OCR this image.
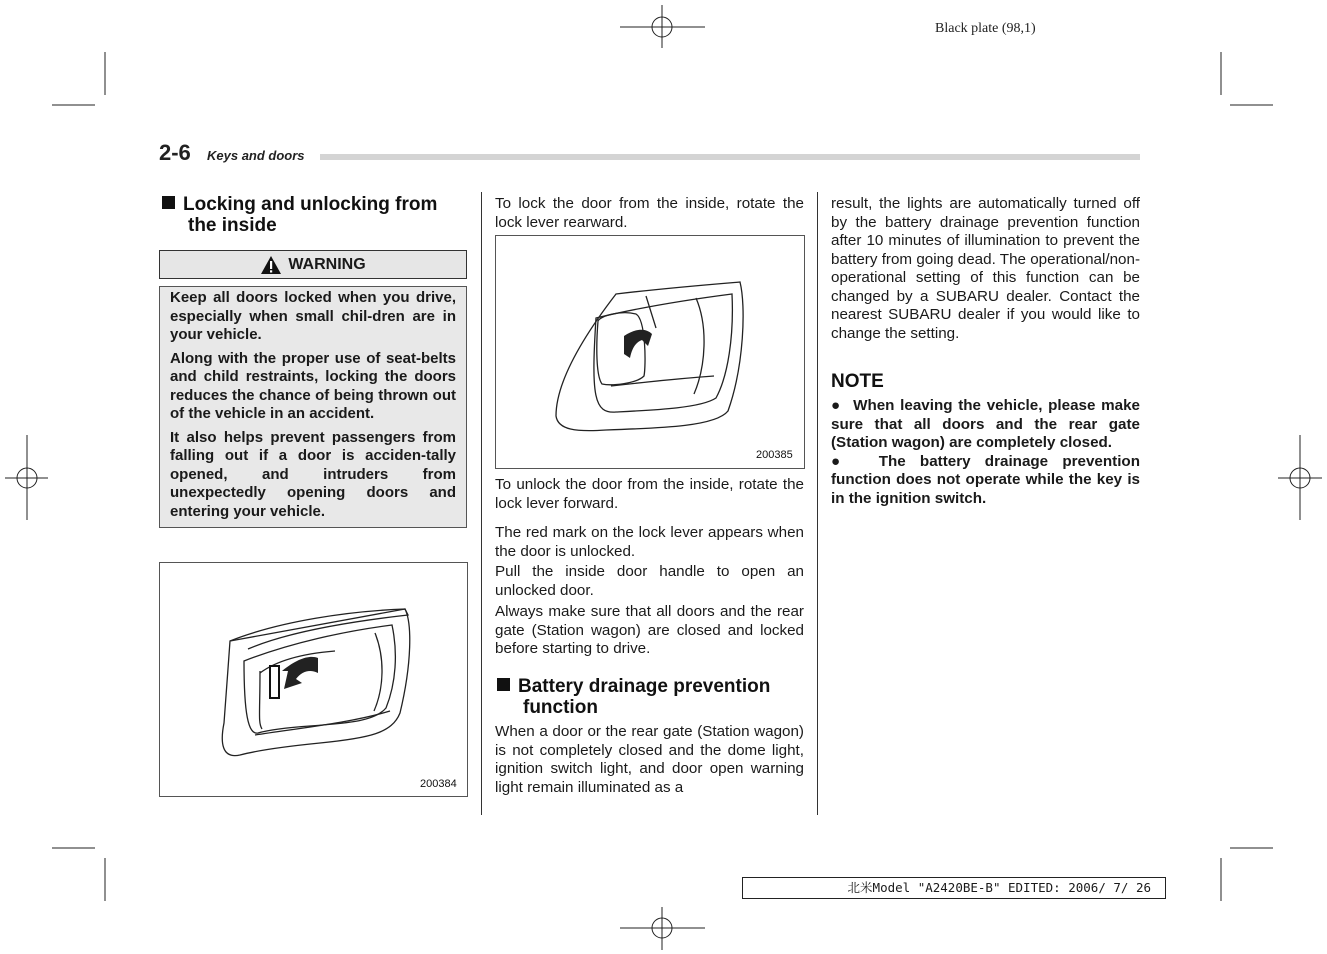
Black plate (98,1)
2-6 Keys and doors
Locking and unlocking from
the inside
WARNING

Keep all doors locked when you drive, especially when small chil-dren are in your vehicle.

Along with the proper use of seat-belts and child restraints, locking the doors reduces the chance of being thrown out of the vehicle in an accident.

It also helps prevent passengers from falling out if a door is acciden-tally opened, and intruders from unexpectedly opening doors and entering your vehicle.

200384
To lock the door from the inside, rotate the lock lever rearward.
200385
To unlock the door from the inside, rotate the lock lever forward.
The red mark on the lock lever appears when the door is unlocked.
Pull the inside door handle to open an unlocked door.
Always make sure that all doors and the rear gate (Station wagon) are closed and locked before starting to drive.
Battery drainage prevention
function
When a door or the rear gate (Station wagon) is not completely closed and the dome light, ignition switch light, and door open warning light remain illuminated as a
result, the lights are automatically turned off by the battery drainage prevention function after 10 minutes of illumination to prevent the battery from going dead. The operational/non-operational setting of this function can be changed by a SUBARU dealer. Contact the nearest SUBARU dealer if you would like to change the setting.
NOTE

●  When leaving the vehicle, please make sure that all doors and the rear gate (Station wagon) are completely closed.

●  The battery drainage prevention function does not operate while the key is in the ignition switch.

北米Model "A2420BE-B" EDITED: 2006/ 7/ 26
